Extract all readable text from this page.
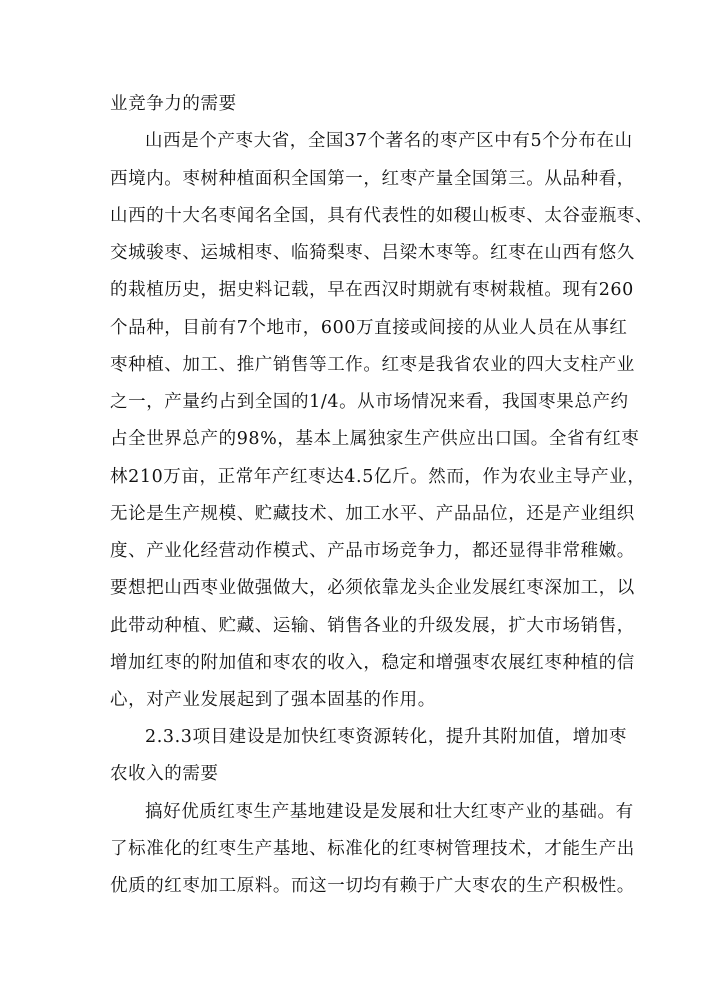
业竞争力的需要
山西是个产枣大省，全国37个著名的枣产区中有5个分布在山
西境内。枣树种植面积全国第一，红枣产量全国第三。从品种看，
山西的十大名枣闻名全国，具有代表性的如稷山板枣、太谷壶瓶枣、
交城骏枣、运城相枣、临猗梨枣、吕梁木枣等。红枣在山西有悠久
的栽植历史，据史料记载，早在西汉时期就有枣树栽植。现有260
个品种，目前有7个地市，600万直接或间接的从业人员在从事红
枣种植、加工、推广销售等工作。红枣是我省农业的四大支柱产业
之一，产量约占到全国的1/4。从市场情况来看，我国枣果总产约
占全世界总产的98%，基本上属独家生产供应出口国。全省有红枣
林210万亩，正常年产红枣达4.5亿斤。然而，作为农业主导产业，
无论是生产规模、贮藏技术、加工水平、产品品位，还是产业组织
度、产业化经营动作模式、产品市场竞争力，都还显得非常稚嫩。
要想把山西枣业做强做大，必须依靠龙头企业发展红枣深加工，以
此带动种植、贮藏、运输、销售各业的升级发展，扩大市场销售，
增加红枣的附加值和枣农的收入，稳定和增强枣农展红枣种植的信
心，对产业发展起到了强本固基的作用。
2.3.3项目建设是加快红枣资源转化，提升其附加值，增加枣
农收入的需要
搞好优质红枣生产基地建设是发展和壮大红枣产业的基础。有
了标准化的红枣生产基地、标准化的红枣树管理技术，才能生产出
优质的红枣加工原料。而这一切均有赖于广大枣农的生产积极性。
